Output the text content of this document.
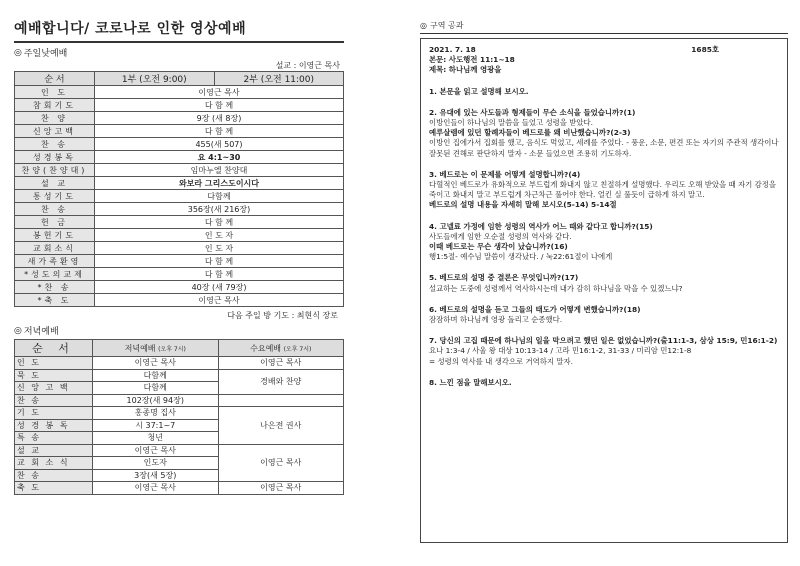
예배합니다/ 코로나로 인한 영상예배
◎ 주일낮예배
설교 : 이영근 목사
순 서	1부 (오전 9:00)	2부 (오전 11:00)
인 도	이영근 목사	
참회기도	다 함 께	
찬 양	9장 (새 8장)	
신앙고백	다 함 께	
찬 송	455(새 507)	
성경봉독	요 4:1~30	
찬양(찬양대)	임마누엘 찬양대	
설 교	와보라 그리스도이시다	
통성기도	다함께	
찬 송	356장(새 216장)	
헌 금	다 함 께	
봉헌기도	인 도 자	
교회소식	인 도 자	
새가족환영	다 함 께	
*성도의교제	다 함 께	
*찬 송	40장 (새 79장)	
*축 도	이영근 목사	
다음 주일 방 기도 : 최현식 장로
◎ 저녁예배
순 서	저녁예배 (오후 7시)	수요예배 (오후 7시)
인 도	이영근 목사	이영근 목사
묵 도	다함께	경배와 찬양
신 앙 고 백	다함께	
찬 송	102장(새 94장)	
기 도	홍종명 집사	나은전 권사
성 경 봉 독	시 37:1~7	
특 송	청년	
설 교	이영근 목사	이영근 목사
교 회 소 식	인도자	
찬 송	3장(새 5장)	
축 도	이영근 목사	이영근 목사
◎ 구역 공과
2021. 7. 18	1685호
본문: 사도행전 11:1~18
제목: 하나님께 영광을
1. 본문을 읽고 설명해 보시오.
2. 유대에 있는 사도들과 형제들이 무슨 소식을 들었습니까?(1)
이방인들이 하나님의 말씀을 들었고 성령을 받았다.
예루살렘에 있던 할례자들이 베드로를 왜 비난했습니까?(2-3)
이방인 집에가서 집회를 했고, 음식도 먹었고, 세례를 주었다. - 풍운, 소문, 편견 또는 자기의 주관적 생각이나 잘못된 견해로 판단하지 말자 - 소문 들었으면 조용히 기도하자.
3. 베드로는 이 문제를 어떻게 설명합니까?(4)
다혈적인 베드로가 유화적으로 부드럽게 화내지 않고 친절하게 설명했다. 우리도 오해 받았을 때 자기 감정을 죽이고 화내지 말고 부드럽게 차근차근 풀어야 한다. 얼킨 실 풀듯이 급하게 하지 말고.
베드로의 설명 내용을 자세히 말해 보시오(5-14) 5-14절
4. 고넬료 가정에 임한 성령의 역사가 어느 때와 같다고 합니까?(15)
사도들에게 임한 오순절 성령의 역사와 같다.
이때 베드로는 무슨 생각이 났습니까?(16)
행1:5절- 예수님 말씀이 생각났다. / 눅22:61절이 나에게
5. 베드로의 설명 중 결론은 무엇입니까?(17)
설교하는 도중에 성령께서 역사하시는데 내가 감히 하나님을 막을 수 있겠느냐?
6. 베드로의 설명을 듣고 그들의 태도가 어떻게 변했습니까?(18)
잠잠하며 하나님께 영광 돌리고 순종했다.
7. 당신의 고집 때문에 하나님의 일을 막으려고 했던 일은 없었습니까?(출11:1-3, 삼상 15:9, 민16:1-2)
요나 1:3-4 / 사울 왕 대상 10:13-14 / 고라 민16:1-2, 31-33 / 미리암 민12:1-8
= 성령의 역사를 내 생각으로 거역하지 말자.
8. 느낀 점을 말해보시오.
